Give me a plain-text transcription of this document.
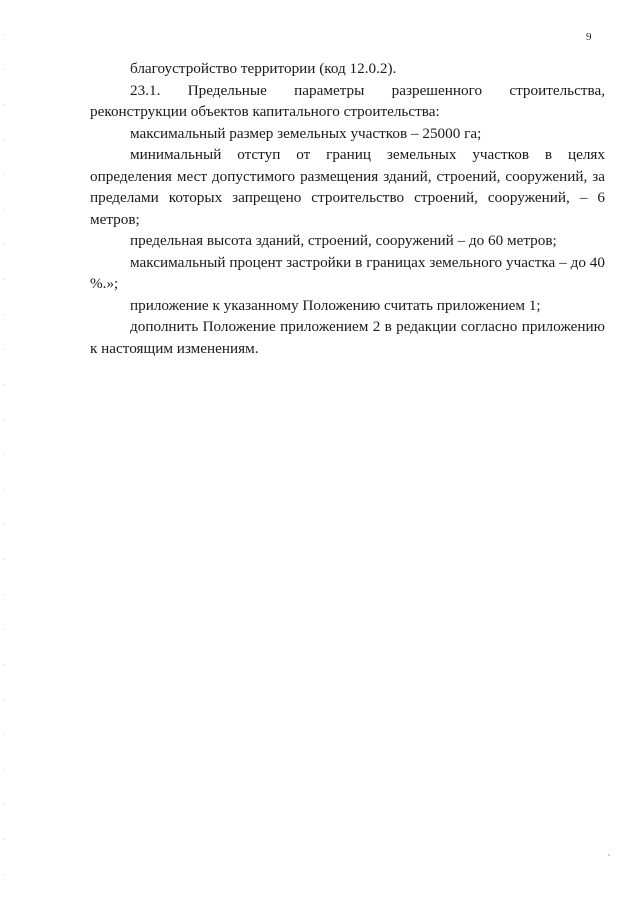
9

благоустройство территории (код 12.0.2).

23.1. Предельные параметры разрешенного строительства, реконструкции объектов капитального строительства:

максимальный размер земельных участков – 25000 га;

минимальный отступ от границ земельных участков в целях определения мест допустимого размещения зданий, строений, сооружений, за пределами которых запрещено строительство строений, сооружений, – 6 метров;

предельная высота зданий, строений, сооружений – до 60 метров;

максимальный процент застройки в границах земельного участка – до 40 %.»;

приложение к указанному Положению считать приложением 1;

дополнить Положение приложением 2 в редакции согласно приложению к настоящим изменениям.
